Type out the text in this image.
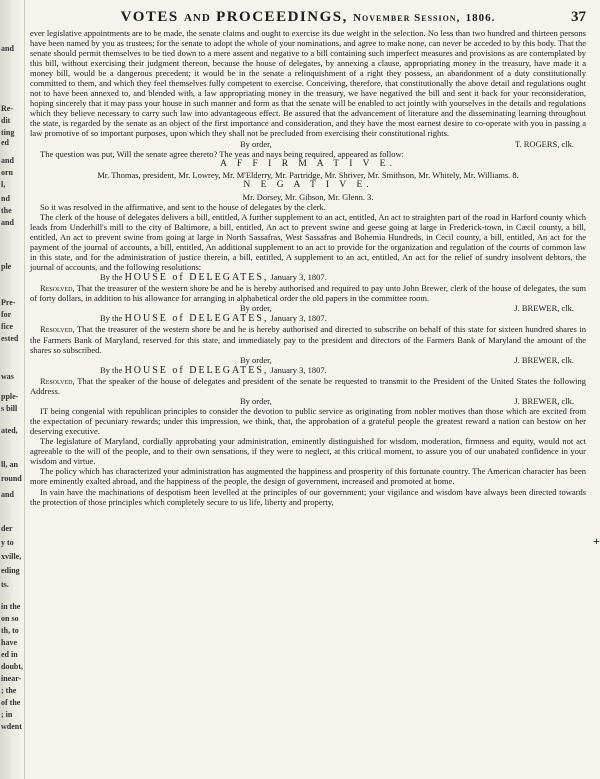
and
Re-
dit
ting
ed
and
orn
l,
nd
the
and
ple
Pre-
for
fice
ested
was
pple-
s bill
ated,
ll, an
round
and
der
y to
xville,
eding
ts.
in the
on so
th, to
have
ed in
doubt,
inear-
; the
of the
; in
wdent
VOTES AND PROCEEDINGS, November Session, 1806.	37

ever legislative appointments are to be made, the senate claims and ought to exercise its due weight in the selection. No less than two hundred and thirteen persons have been named by you as trustees; for the senate to adopt the whole of your nominations, and agree to make none, can never be acceded to by this body. That the senate should permit themselves to be tied down to a mere assent and negative to a bill containing such imperfect measures and provisions as are contemplated by this bill, without exercising their judgment thereon, because the house of delegates, by annexing a clause, appropriating money in the treasury, have made it a money bill, would be a dangerous precedent; it would be in the senate a relinquishment of a right they possess, an abandonment of a duty constitutionally committed to them, and which they feel themselves fully competent to exercise. Conceiving, therefore, that constitutionally the above detail and regulations ought not to have been annexed to, and blended with, a law appropriating money in the treasury, we have negatived the bill and sent it back for your reconsideration, hoping sincerely that it may pass your house in such manner and form as that the senate will be enabled to act jointly with yourselves in the details and regulations which they believe necessary to carry such law into advantageous effect. Be assured that the advancement of literature and the disseminating learning throughout the state, is regarded by the senate as an object of the first importance and consideration, and they have the most earnest desire to co-operate with you in passing a law promotive of so important purposes, upon which they shall not be precluded from exercising their constitutional rights.

By order,	T. ROGERS, clk.

The question was put, Will the senate agree thereto? The yeas and nays being required, appeared as follow:

A F F I R M A T I V E.

Mr. Thomas, president, Mr. Lowrey, Mr. M'Elderry, Mr. Partridge, Mr. Shriver, Mr. Smithson, Mr. Whitely, Mr. Williams. 8.

N E G A T I V E.

Mr. Dorsey, Mr. Gibson, Mr. Glenn. 3.

So it was resolved in the affirmative, and sent to the house of delegates by the clerk.

The clerk of the house of delegates delivers a bill, entitled, A further supplement to an act, entitled, An act to straighten part of the road in Harford county which leads from Underhill's mill to the city of Baltimore, a bill, entitled, An act to prevent swine and geese going at large in Frederick-town, in Cæcil county, a bill, entitled, An act to prevent swine from going at large in North Sassafras, West Sassafras and Bohemia Hundreds, in Cecil county, a bill, entitled, An act for the payment of the journal of accounts, a bill, entitled, An additional supplement to an act to provide for the organization and regulation of the courts of common law in this state, and for the administration of justice therein, a bill, entitled, A supplement to an act, entitled, An act for the relief of sundry insolvent debtors, the journal of accounts, and the following resolutions:

By the HOUSE of DELEGATES, January 3, 1807.

Resolved, That the treasurer of the western shore be and he is hereby authorised and required to pay unto John Brewer, clerk of the house of delegates, the sum of forty dollars, in addition to his allowance for arranging in alphabetical order the old papers in the committee room.

By order,	J. BREWER, clk.
By the HOUSE of DELEGATES, January 3, 1807.

Resolved, That the treasurer of the western shore be and he is hereby authorised and directed to subscribe on behalf of this state for sixteen hundred shares in the Farmers Bank of Maryland, reserved for this state, and immediately pay to the president and directors of the Farmers Bank of Maryland the amount of the shares so subscribed.

By order,	J. BREWER, clk.
By the HOUSE of DELEGATES, January 3, 1807.

Resolved, That the speaker of the house of delegates and president of the senate be requested to transmit to the President of the United States the following Address.

By order,	J. BREWER, clk.

IT being congenial with republican principles to consider the devotion to public service as originating from nobler motives than those which are excited from the expectation of pecuniary rewards; under this impression, we think, that, the approbation of a grateful people the greatest reward a nation can bestow on her deserving executive.

The legislature of Maryland, cordially approbating your administration, eminently distinguished for wisdom, moderation, firmness and equity, would not act agreeable to the will of the people, and to their own sensations, if they were to neglect, at this critical moment, to assure you of our unabated confidence in your wisdom and virtue.

The policy which has characterized your administration has augmented the happiness and prosperity of this fortunate country. The American character has been more eminently exalted abroad, and the happiness of the people, the design of government, increased and promoted at home.

In vain have the machinations of despotism been levelled at the principles of our government; your vigilance and wisdom have always been directed towards the protection of those principles which completely secure to us life, liberty and property,

+
